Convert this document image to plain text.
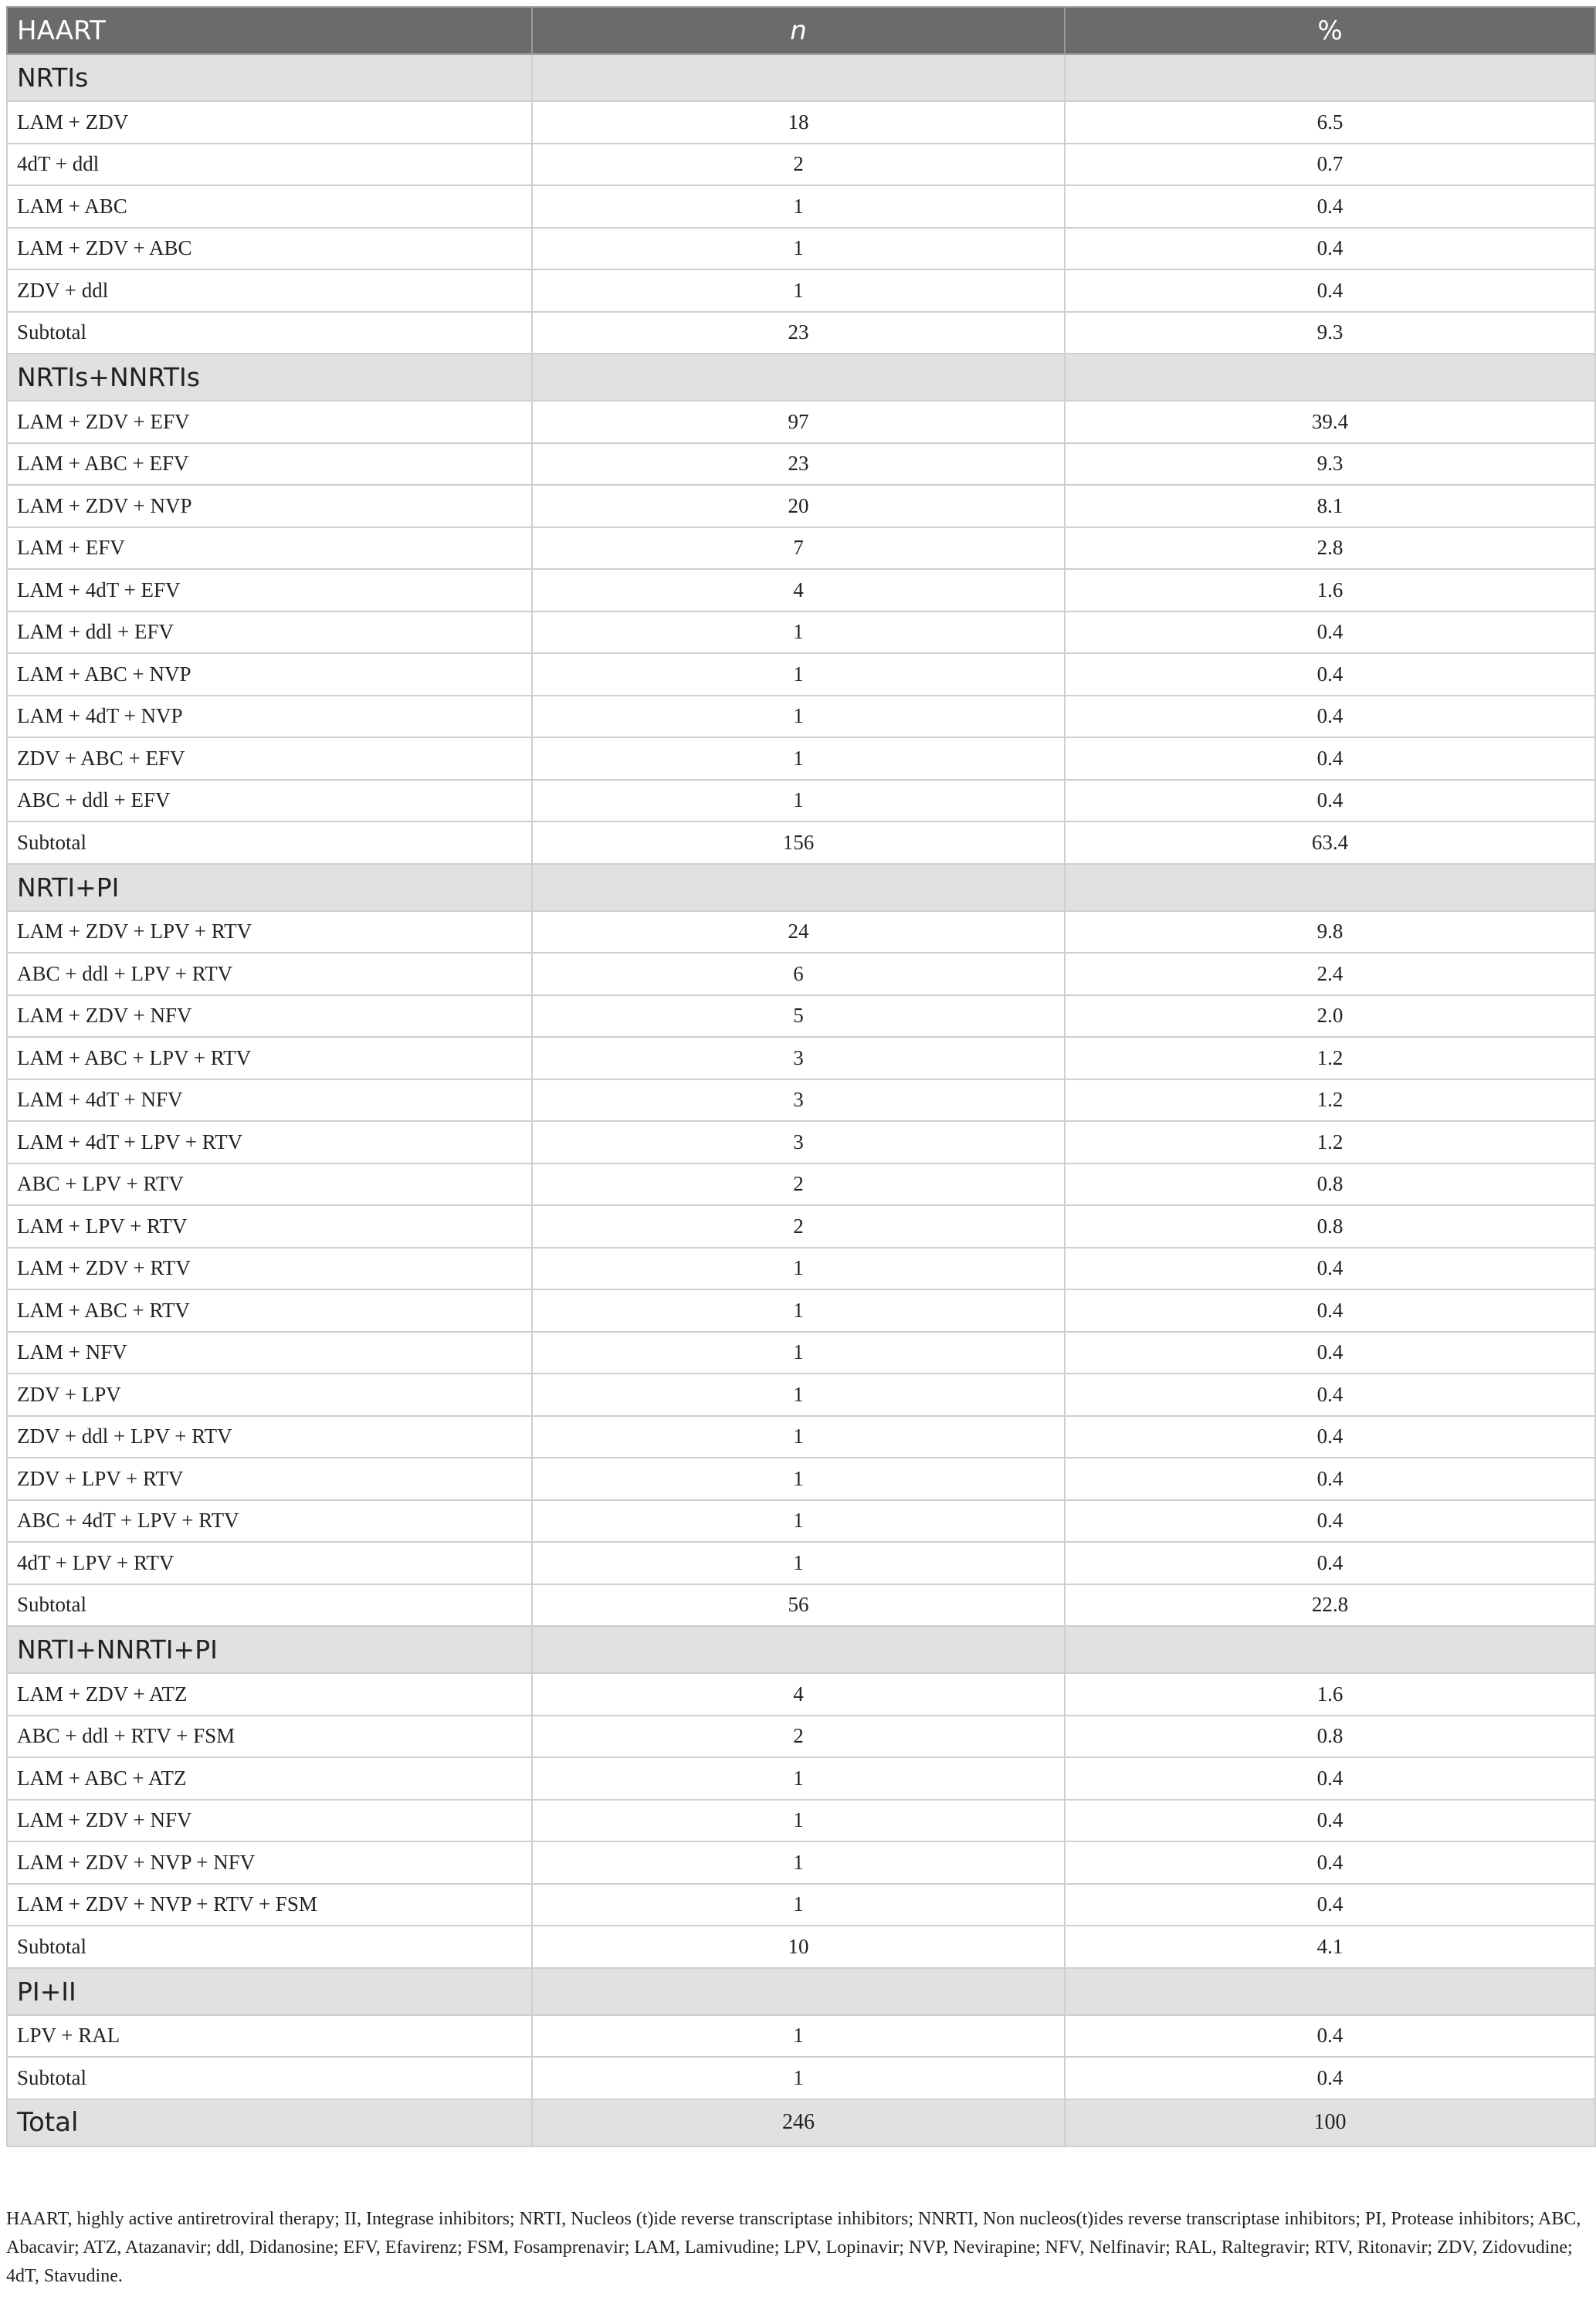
HAART	n	%
NRTIs		
LAM + ZDV	18	6.5
4dT + ddl	2	0.7
LAM + ABC	1	0.4
LAM + ZDV + ABC	1	0.4
ZDV + ddl	1	0.4
Subtotal	23	9.3
NRTIs+NNRTIs		
LAM + ZDV + EFV	97	39.4
LAM + ABC + EFV	23	9.3
LAM + ZDV + NVP	20	8.1
LAM + EFV	7	2.8
LAM + 4dT + EFV	4	1.6
LAM + ddl + EFV	1	0.4
LAM + ABC + NVP	1	0.4
LAM + 4dT + NVP	1	0.4
ZDV + ABC + EFV	1	0.4
ABC + ddl + EFV	1	0.4
Subtotal	156	63.4
NRTI+PI		
LAM + ZDV + LPV + RTV	24	9.8
ABC + ddl + LPV + RTV	6	2.4
LAM + ZDV + NFV	5	2.0
LAM + ABC + LPV + RTV	3	1.2
LAM + 4dT + NFV	3	1.2
LAM + 4dT + LPV + RTV	3	1.2
ABC + LPV + RTV	2	0.8
LAM + LPV + RTV	2	0.8
LAM + ZDV + RTV	1	0.4
LAM + ABC + RTV	1	0.4
LAM + NFV	1	0.4
ZDV + LPV	1	0.4
ZDV + ddl + LPV + RTV	1	0.4
ZDV + LPV + RTV	1	0.4
ABC + 4dT + LPV + RTV	1	0.4
4dT + LPV + RTV	1	0.4
Subtotal	56	22.8
NRTI+NNRTI+PI		
LAM + ZDV + ATZ	4	1.6
ABC + ddl + RTV + FSM	2	0.8
LAM + ABC + ATZ	1	0.4
LAM + ZDV + NFV	1	0.4
LAM + ZDV + NVP + NFV	1	0.4
LAM + ZDV + NVP + RTV + FSM	1	0.4
Subtotal	10	4.1
PI+II		
LPV + RAL	1	0.4
Subtotal	1	0.4
Total	246	100
HAART, highly active antiretroviral therapy; II, Integrase inhibitors; NRTI, Nucleos (t)ide reverse transcriptase inhibitors; NNRTI, Non nucleos(t)ides reverse transcriptase inhibitors; PI, Protease inhibitors; ABC, Abacavir; ATZ, Atazanavir; ddl, Didanosine; EFV, Efavirenz; FSM, Fosamprenavir; LAM, Lamivudine; LPV, Lopinavir; NVP, Nevirapine; NFV, Nelfinavir; RAL, Raltegravir; RTV, Ritonavir; ZDV, Zidovudine; 4dT, Stavudine.
